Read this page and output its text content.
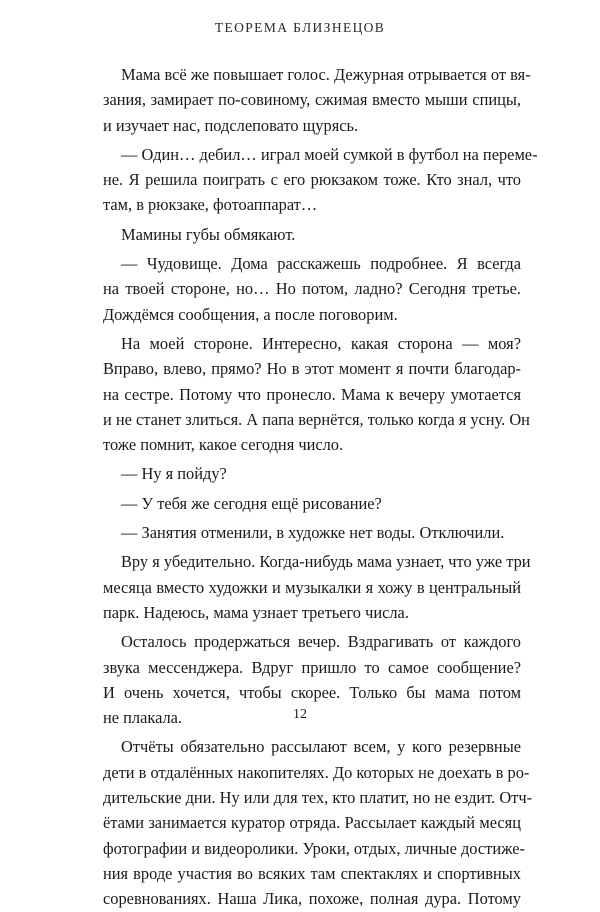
ТЕОРЕМА БЛИЗНЕЦОВ
Мама всё же повышает голос. Дежурная отрывается от вя-
зания, замирает по-совиному, сжимая вместо мыши спицы,
и изучает нас, подслеповато щурясь.
— Один… дебил… играл моей сумкой в футбол на переме-
не. Я решила поиграть с его рюкзаком тоже. Кто знал, что
там, в рюкзаке, фотоаппарат…
Мамины губы обмякают.
— Чудовище. Дома расскажешь подробнее. Я всегда
на твоей стороне, но… Но потом, ладно? Сегодня третье.
Дождёмся сообщения, а после поговорим.
На моей стороне. Интересно, какая сторона — моя?
Вправо, влево, прямо? Но в этот момент я почти благодар-
на сестре. Потому что пронесло. Мама к вечеру умотается
и не станет злиться. А папа вернётся, только когда я усну. Он
тоже помнит, какое сегодня число.
— Ну я пойду?
— У тебя же сегодня ещё рисование?
— Занятия отменили, в художке нет воды. Отключили.
Вру я убедительно. Когда-нибудь мама узнает, что уже три
месяца вместо художки и музыкалки я хожу в центральный
парк. Надеюсь, мама узнает третьего числа.
Осталось продержаться вечер. Вздрагивать от каждого
звука мессенджера. Вдруг пришло то самое сообщение?
И очень хочется, чтобы скорее. Только бы мама потом
не плакала.
Отчёты обязательно рассылают всем, у кого резервные
дети в отдалённых накопителях. До которых не доехать в ро-
дительские дни. Ну или для тех, кто платит, но не ездит. Отч-
ётами занимается куратор отряда. Рассылает каждый месяц
фотографии и видеоролики. Уроки, отдых, личные достиже-
ния вроде участия во всяких там спектаклях и спортивных
соревнованиях. Наша Лика, похоже, полная дура. Потому
12
